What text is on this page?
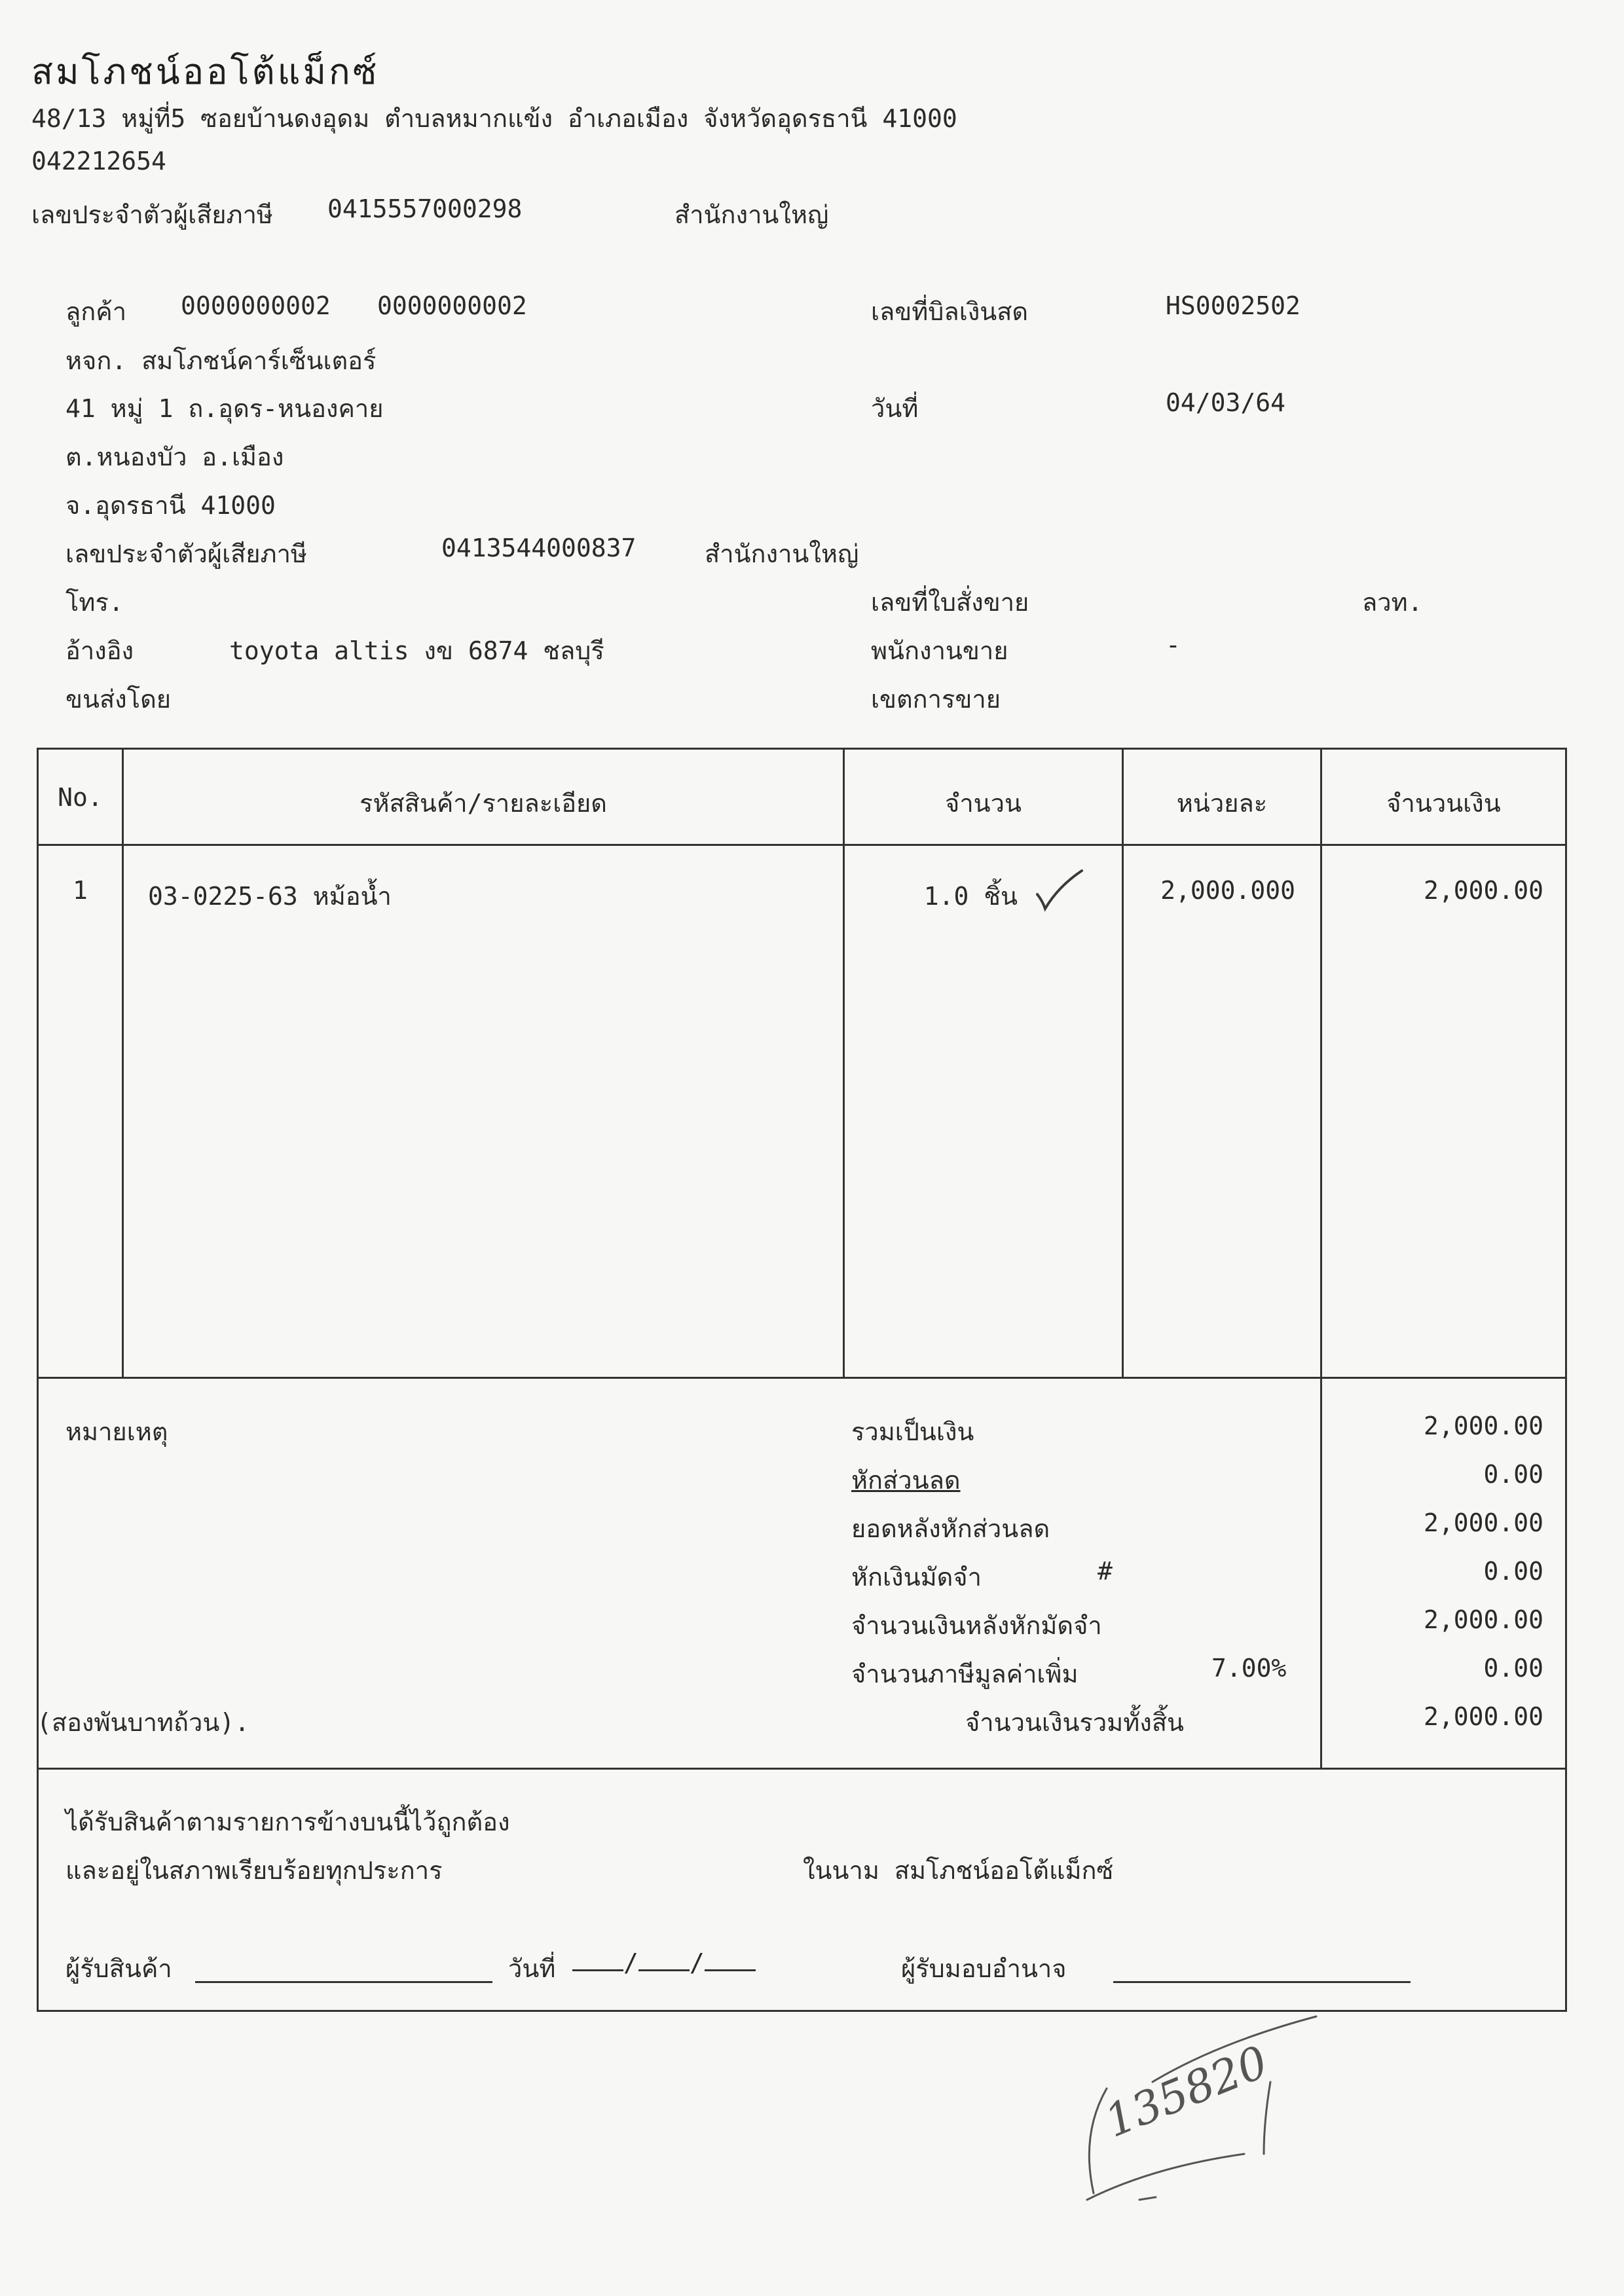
สมโภชน์ออโต้แม็กซ์
48/13 หมู่ที่5 ซอยบ้านดงอุดม ตำบลหมากแข้ง อำเภอเมือง จังหวัดอุดรธานี 41000
042212654
เลขประจำตัวผู้เสียภาษี 0415557000298	สำนักงานใหญ่
ลูกค้า 0000000002 0000000002	เลขที่บิลเงินสด	HS0002502
หจก. สมโภชน์คาร์เซ็นเตอร์
41 หมู่ 1 ถ.อุดร-หนองคาย	วันที่	04/03/64
ต.หนองบัว อ.เมือง
จ.อุดรธานี 41000
เลขประจำตัวผู้เสียภาษี	0413544000837	สำนักงานใหญ่
โทร.	เลขที่ใบสั่งขาย	ลวท.
อ้างอิง	toyota altis งข 6874 ชลบุรี	พนักงานขาย	-
ขนส่งโดย	เขตการขาย
No.	รหัสสินค้า/รายละเอียด	จำนวน	หน่วยละ	จำนวนเงิน
1	03-0225-63 หม้อน้ำ	1.0 ชิ้น	2,000.000	2,000.00
หมายเหตุ	รวมเป็นเงิน	2,000.00
หักส่วนลด	0.00
ยอดหลังหักส่วนลด	2,000.00
หักเงินมัดจำ	#	0.00
จำนวนเงินหลังหักมัดจำ	2,000.00
จำนวนภาษีมูลค่าเพิ่ม	7.00%	0.00
(สองพันบาทถ้วน).	จำนวนเงินรวมทั้งสิ้น	2,000.00
ได้รับสินค้าตามรายการข้างบนนี้ไว้ถูกต้อง
และอยู่ในสภาพเรียบร้อยทุกประการ	ในนาม สมโภชน์ออโต้แม็กซ์
ผู้รับสินค้า	วันที่	/ /	ผู้รับมอบอำนาจ
135820
